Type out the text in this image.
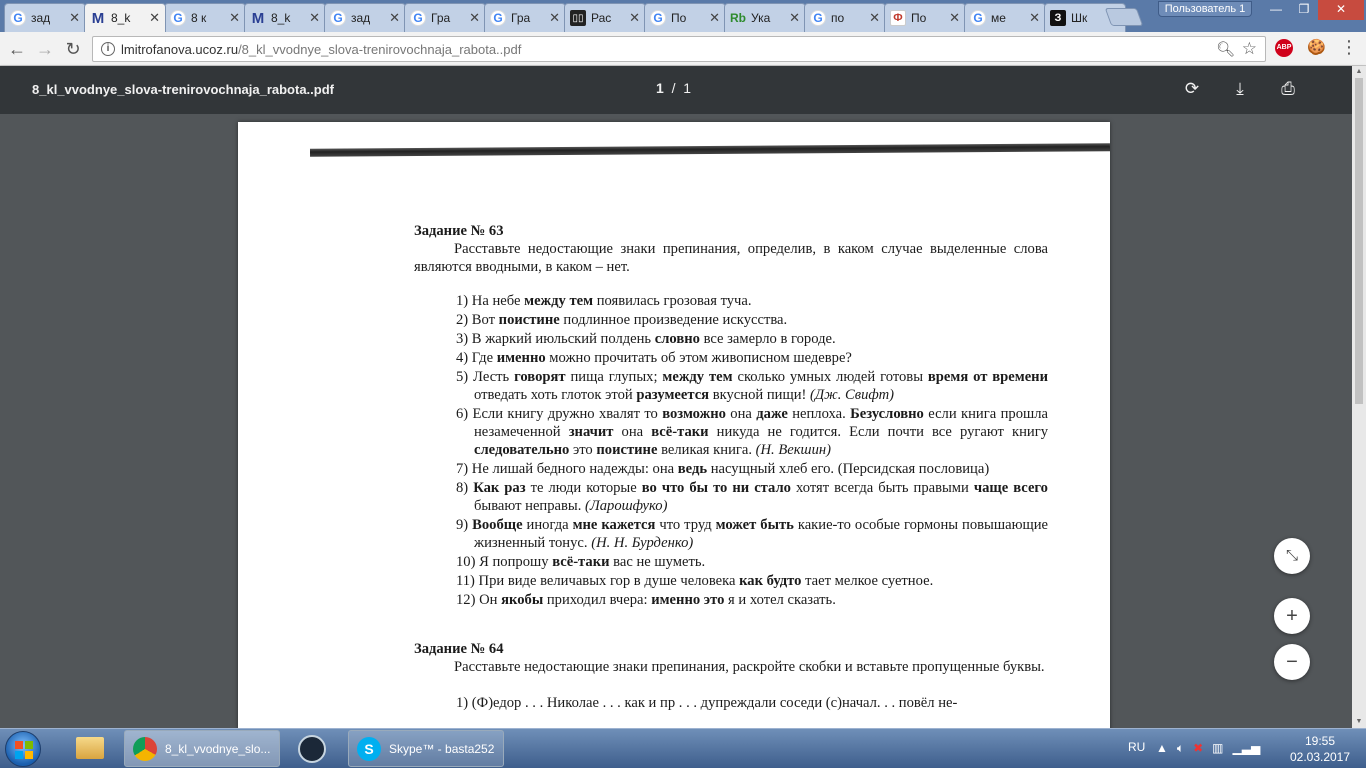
G зад	✕ M 8_k	✕ G 8 к	✕ M 8_k	✕ G зад	✕ G Гра	✕ G Гра	✕ ▯▯ Рас	✕ G По	✕ Rb Ука	✕ G по	✕ Ф По	✕ G ме	✕	З Шк
Пользователь 1	—	❐	✕
← → ↻	i lmitrofanova.ucoz.ru/8_kl_vvodnye_slova-trenirovochnaja_rabota..pdf	🔍︎ ☆	ABP 🍪 ⋮
8_kl_vvodnye_slova-trenirovochnaja_rabota..pdf	1 / 1	⟳	⤓	⎙
Задание № 63
Расставьте недостающие знаки препинания, определив, в каком случае выделенные слова являются вводными, в каком – нет.
1) На небе между тем появилась грозовая туча.
2) Вот поистине подлинное произведение искусства.
3) В жаркий июльский полдень словно все замерло в городе.
4) Где именно можно прочитать об этом живописном шедевре?
5) Лесть говорят пища глупых; между тем сколько умных людей готовы время от времени отведать хоть глоток этой разумеется вкусной пищи! (Дж. Свифт)
6) Если книгу дружно хвалят то возможно она даже неплоха. Безусловно если книга прошла незамеченной значит она всё-таки никуда не годится. Если почти все ругают книгу следовательно это поистине великая книга. (Н. Векшин)
7) Не лишай бедного надежды: она ведь насущный хлеб его. (Персидская пословица)
8) Как раз те люди которые во что бы то ни стало хотят всегда быть правыми чаще всего бывают неправы. (Ларошфуко)
9) Вообще иногда мне кажется что труд может быть какие-то особые гормоны повышающие жизненный тонус. (Н. Н. Бурденко)
10) Я попрошу всё-таки вас не шуметь.
11) При виде величавых гор в душе человека как будто тает мелкое суетное.
12) Он якобы приходил вчера: именно это я и хотел сказать.
Задание № 64
Расставьте недостающие знаки препинания, раскройте скобки и вставьте пропущенные буквы.
1) (Ф)едор . . . Николае . . . как и пр . . . дупреждали соседи (с)начал. . . повёл не-
▲
▼
⤡
+
−
8_kl_vvodnye_slo...	S	Skype™ - basta252	RU ▲ 🔈︎ ✖ ▥ ▁▃▅	19:55
02.03.2017
